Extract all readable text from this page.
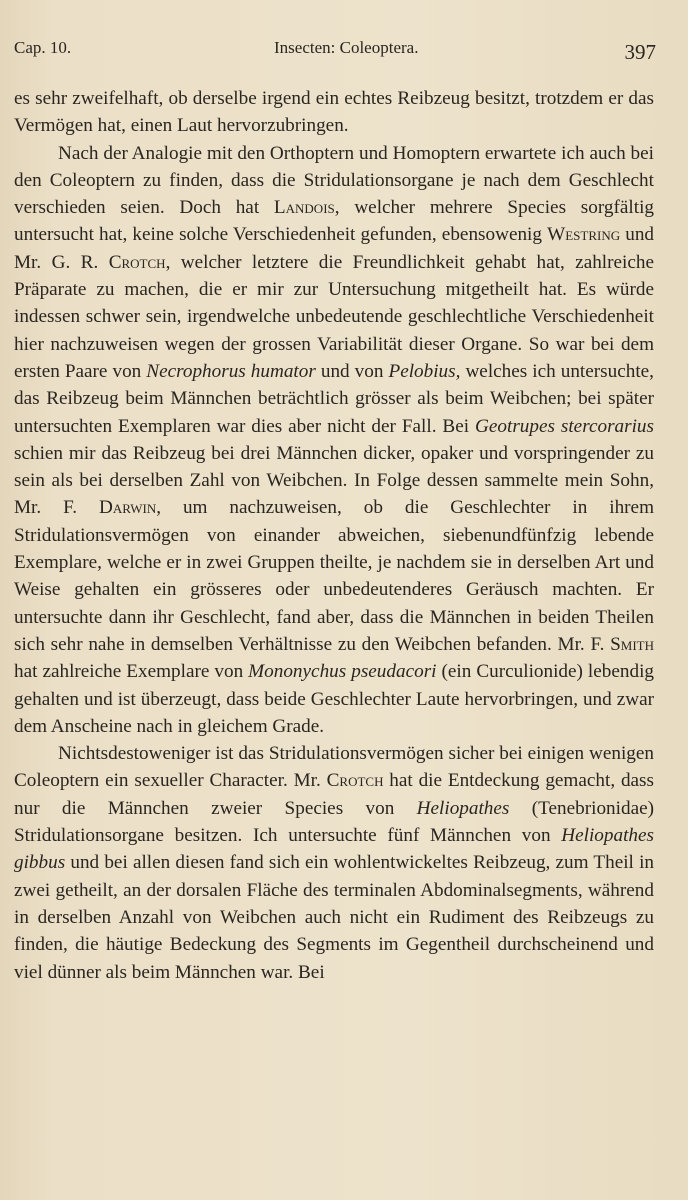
Cap. 10.	Insecten: Coleoptera.	397

es sehr zweifelhaft, ob derselbe irgend ein echtes Reibzeug besitzt, trotzdem er das Vermögen hat, einen Laut hervorzubringen.

Nach der Analogie mit den Orthoptern und Homoptern erwartete ich auch bei den Coleoptern zu finden, dass die Stridulationsorgane je nach dem Geschlecht verschieden seien. Doch hat Landois, welcher mehrere Species sorgfältig untersucht hat, keine solche Verschiedenheit gefunden, ebensowenig Westring und Mr. G. R. Crotch, welcher letztere die Freundlichkeit gehabt hat, zahlreiche Präparate zu machen, die er mir zur Untersuchung mitgetheilt hat. Es würde indessen schwer sein, irgendwelche unbedeutende geschlechtliche Verschiedenheit hier nachzuweisen wegen der grossen Variabilität dieser Organe. So war bei dem ersten Paare von Necrophorus humator und von Pelobius, welches ich untersuchte, das Reibzeug beim Männchen beträchtlich grösser als beim Weibchen; bei später untersuchten Exemplaren war dies aber nicht der Fall. Bei Geotrupes stercorarius schien mir das Reibzeug bei drei Männchen dicker, opaker und vorspringender zu sein als bei derselben Zahl von Weibchen. In Folge dessen sammelte mein Sohn, Mr. F. Darwin, um nachzuweisen, ob die Geschlechter in ihrem Stridulationsvermögen von einander abweichen, siebenundfünfzig lebende Exemplare, welche er in zwei Gruppen theilte, je nachdem sie in derselben Art und Weise gehalten ein grösseres oder unbedeutenderes Geräusch machten. Er untersuchte dann ihr Geschlecht, fand aber, dass die Männchen in beiden Theilen sich sehr nahe in demselben Verhältnisse zu den Weibchen befanden. Mr. F. Smith hat zahlreiche Exemplare von Mononychus pseudacori (ein Curculionide) lebendig gehalten und ist überzeugt, dass beide Geschlechter Laute hervorbringen, und zwar dem Anscheine nach in gleichem Grade.

Nichtsdestoweniger ist das Stridulationsvermögen sicher bei einigen wenigen Coleoptern ein sexueller Character. Mr. Crotch hat die Entdeckung gemacht, dass nur die Männchen zweier Species von Heliopathes (Tenebrionidae) Stridulationsorgane besitzen. Ich untersuchte fünf Männchen von Heliopathes gibbus und bei allen diesen fand sich ein wohlentwickeltes Reibzeug, zum Theil in zwei getheilt, an der dorsalen Fläche des terminalen Abdominalsegments, während in derselben Anzahl von Weibchen auch nicht ein Rudiment des Reibzeugs zu finden, die häutige Bedeckung des Segments im Gegentheil durchscheinend und viel dünner als beim Männchen war. Bei
